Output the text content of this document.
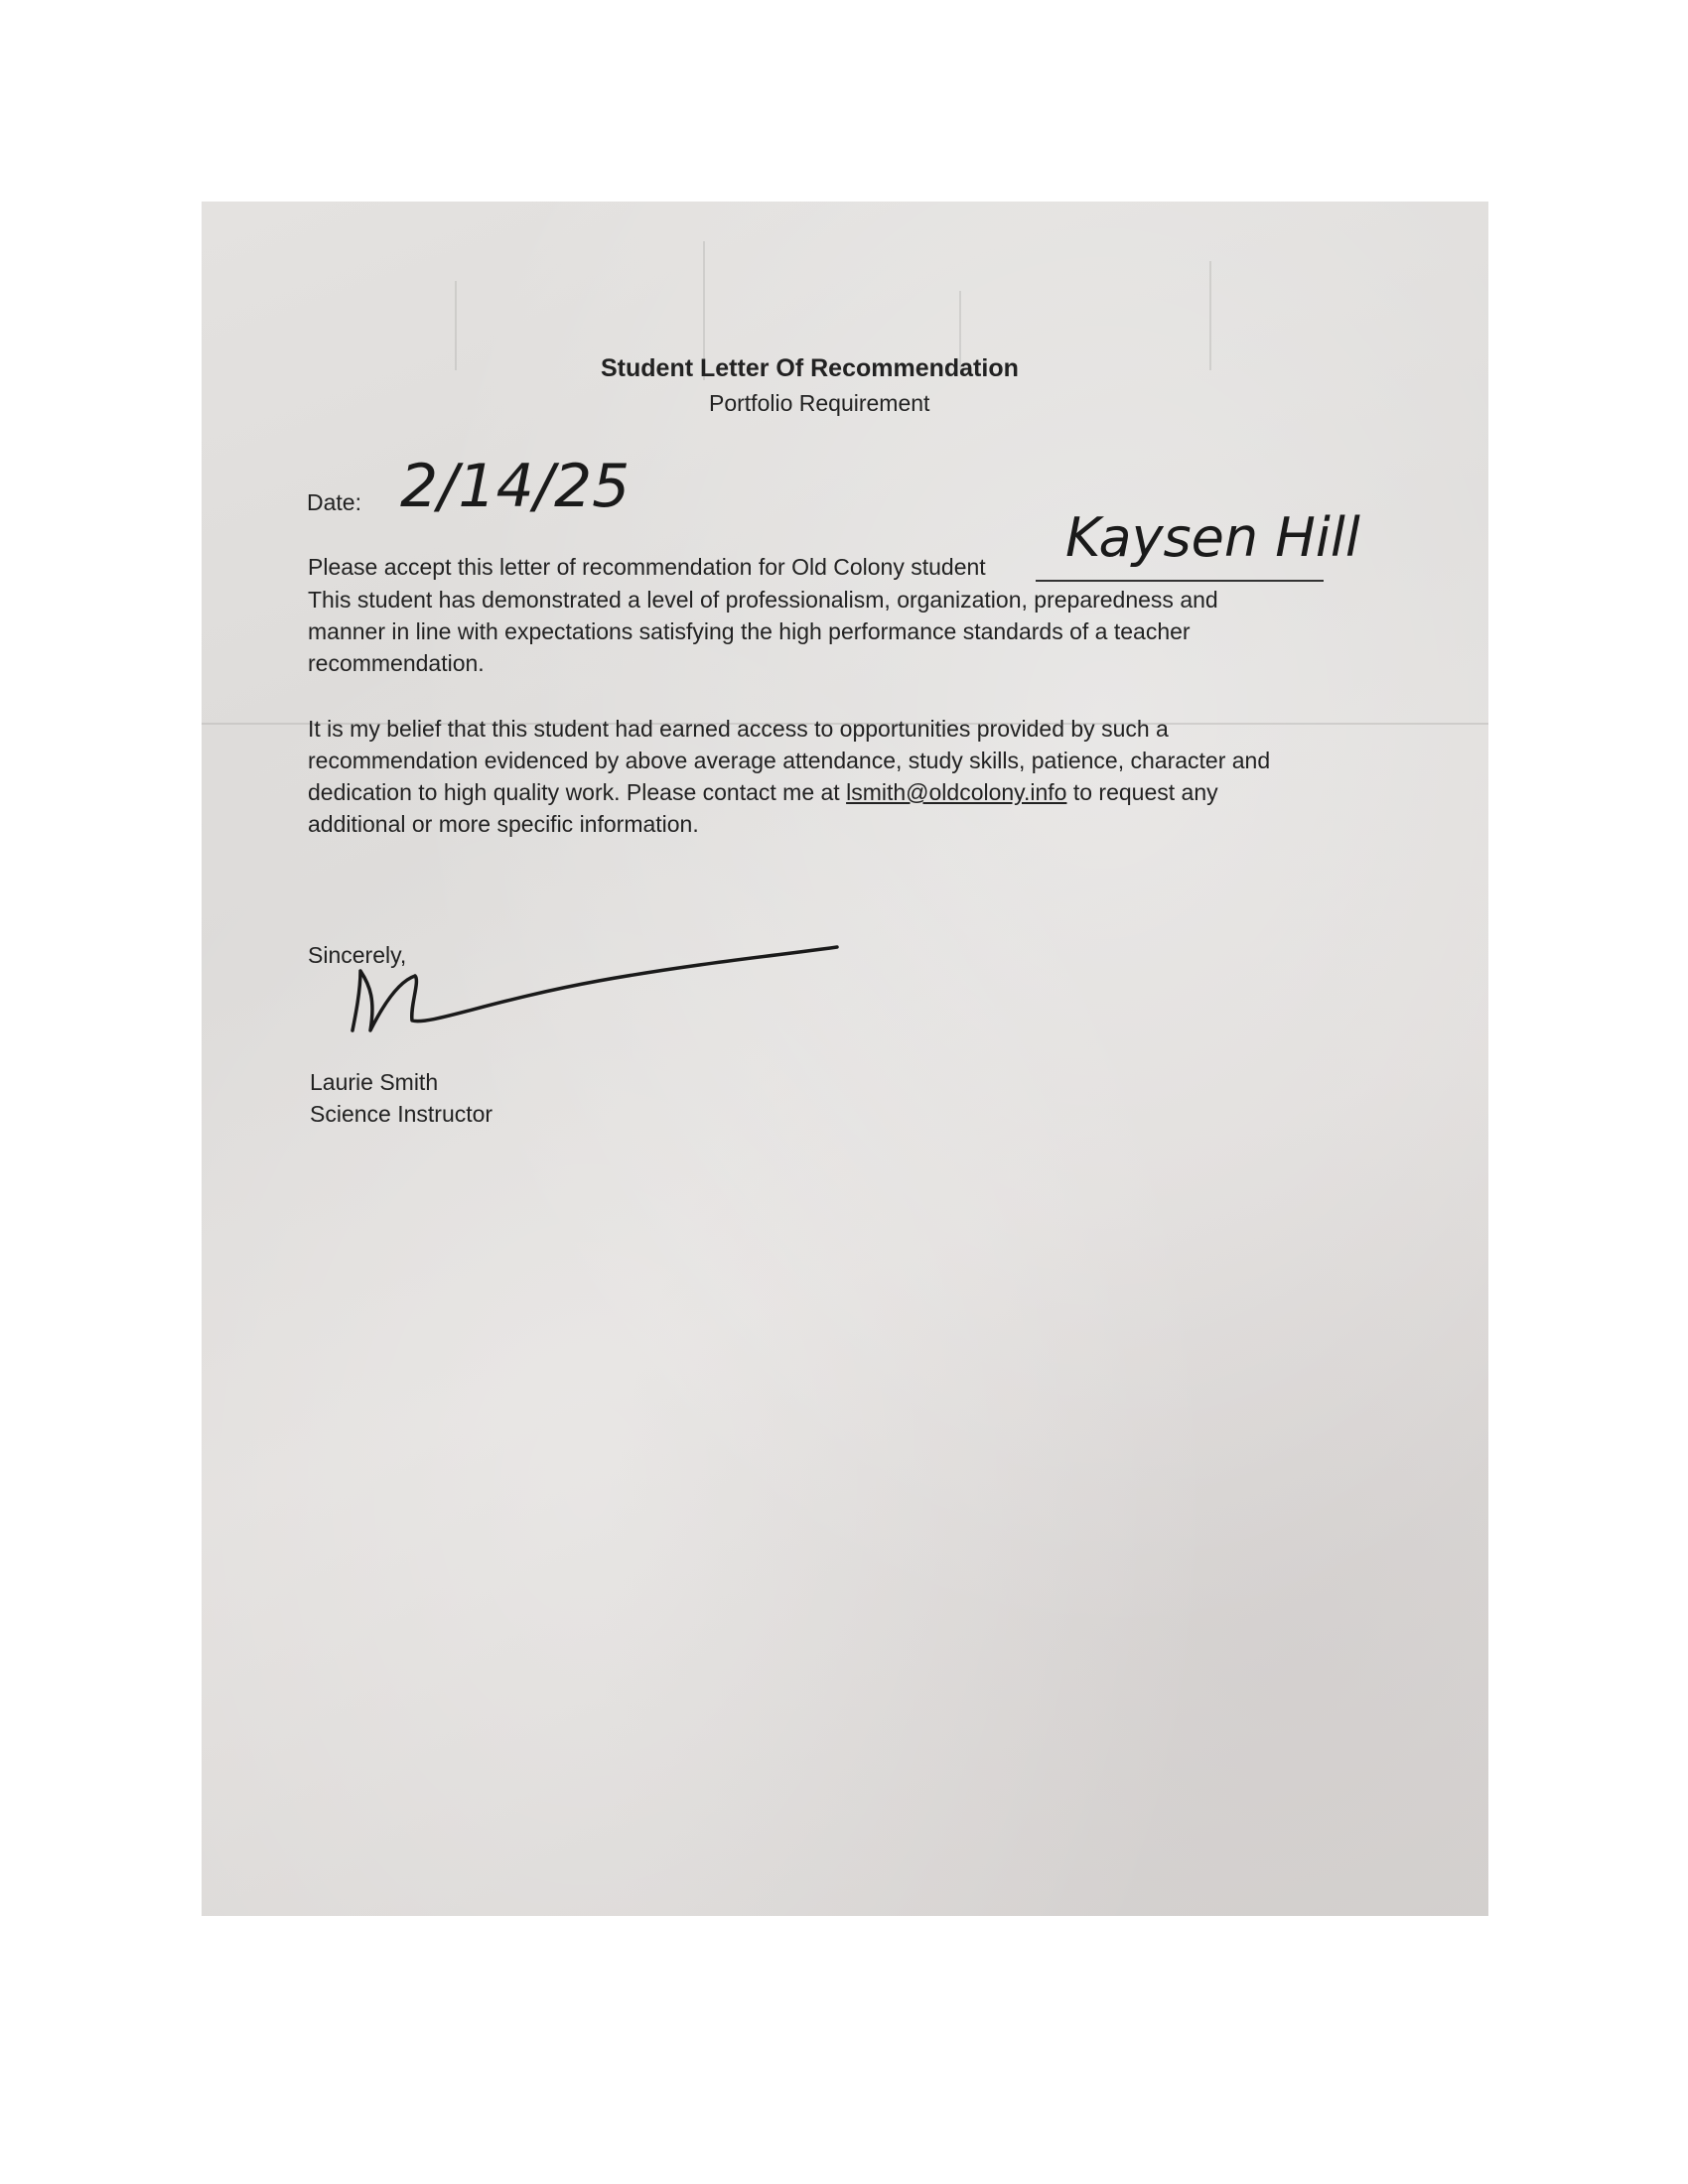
Student Letter Of Recommendation

Portfolio Requirement

Date: 2/14/25

Please accept this letter of recommendation for Old Colony student Kaysen Hill

This student has demonstrated a level of professionalism, organization, preparedness and

manner in line with expectations satisfying the high performance standards of a teacher

recommendation.

It is my belief that this student had earned access to opportunities provided by such a

recommendation evidenced by above average attendance, study skills, patience, character and

dedication to high quality work. Please contact me at lsmith@oldcolony.info to request any

additional or more specific information.

Sincerely,

Laurie Smith

Science Instructor
